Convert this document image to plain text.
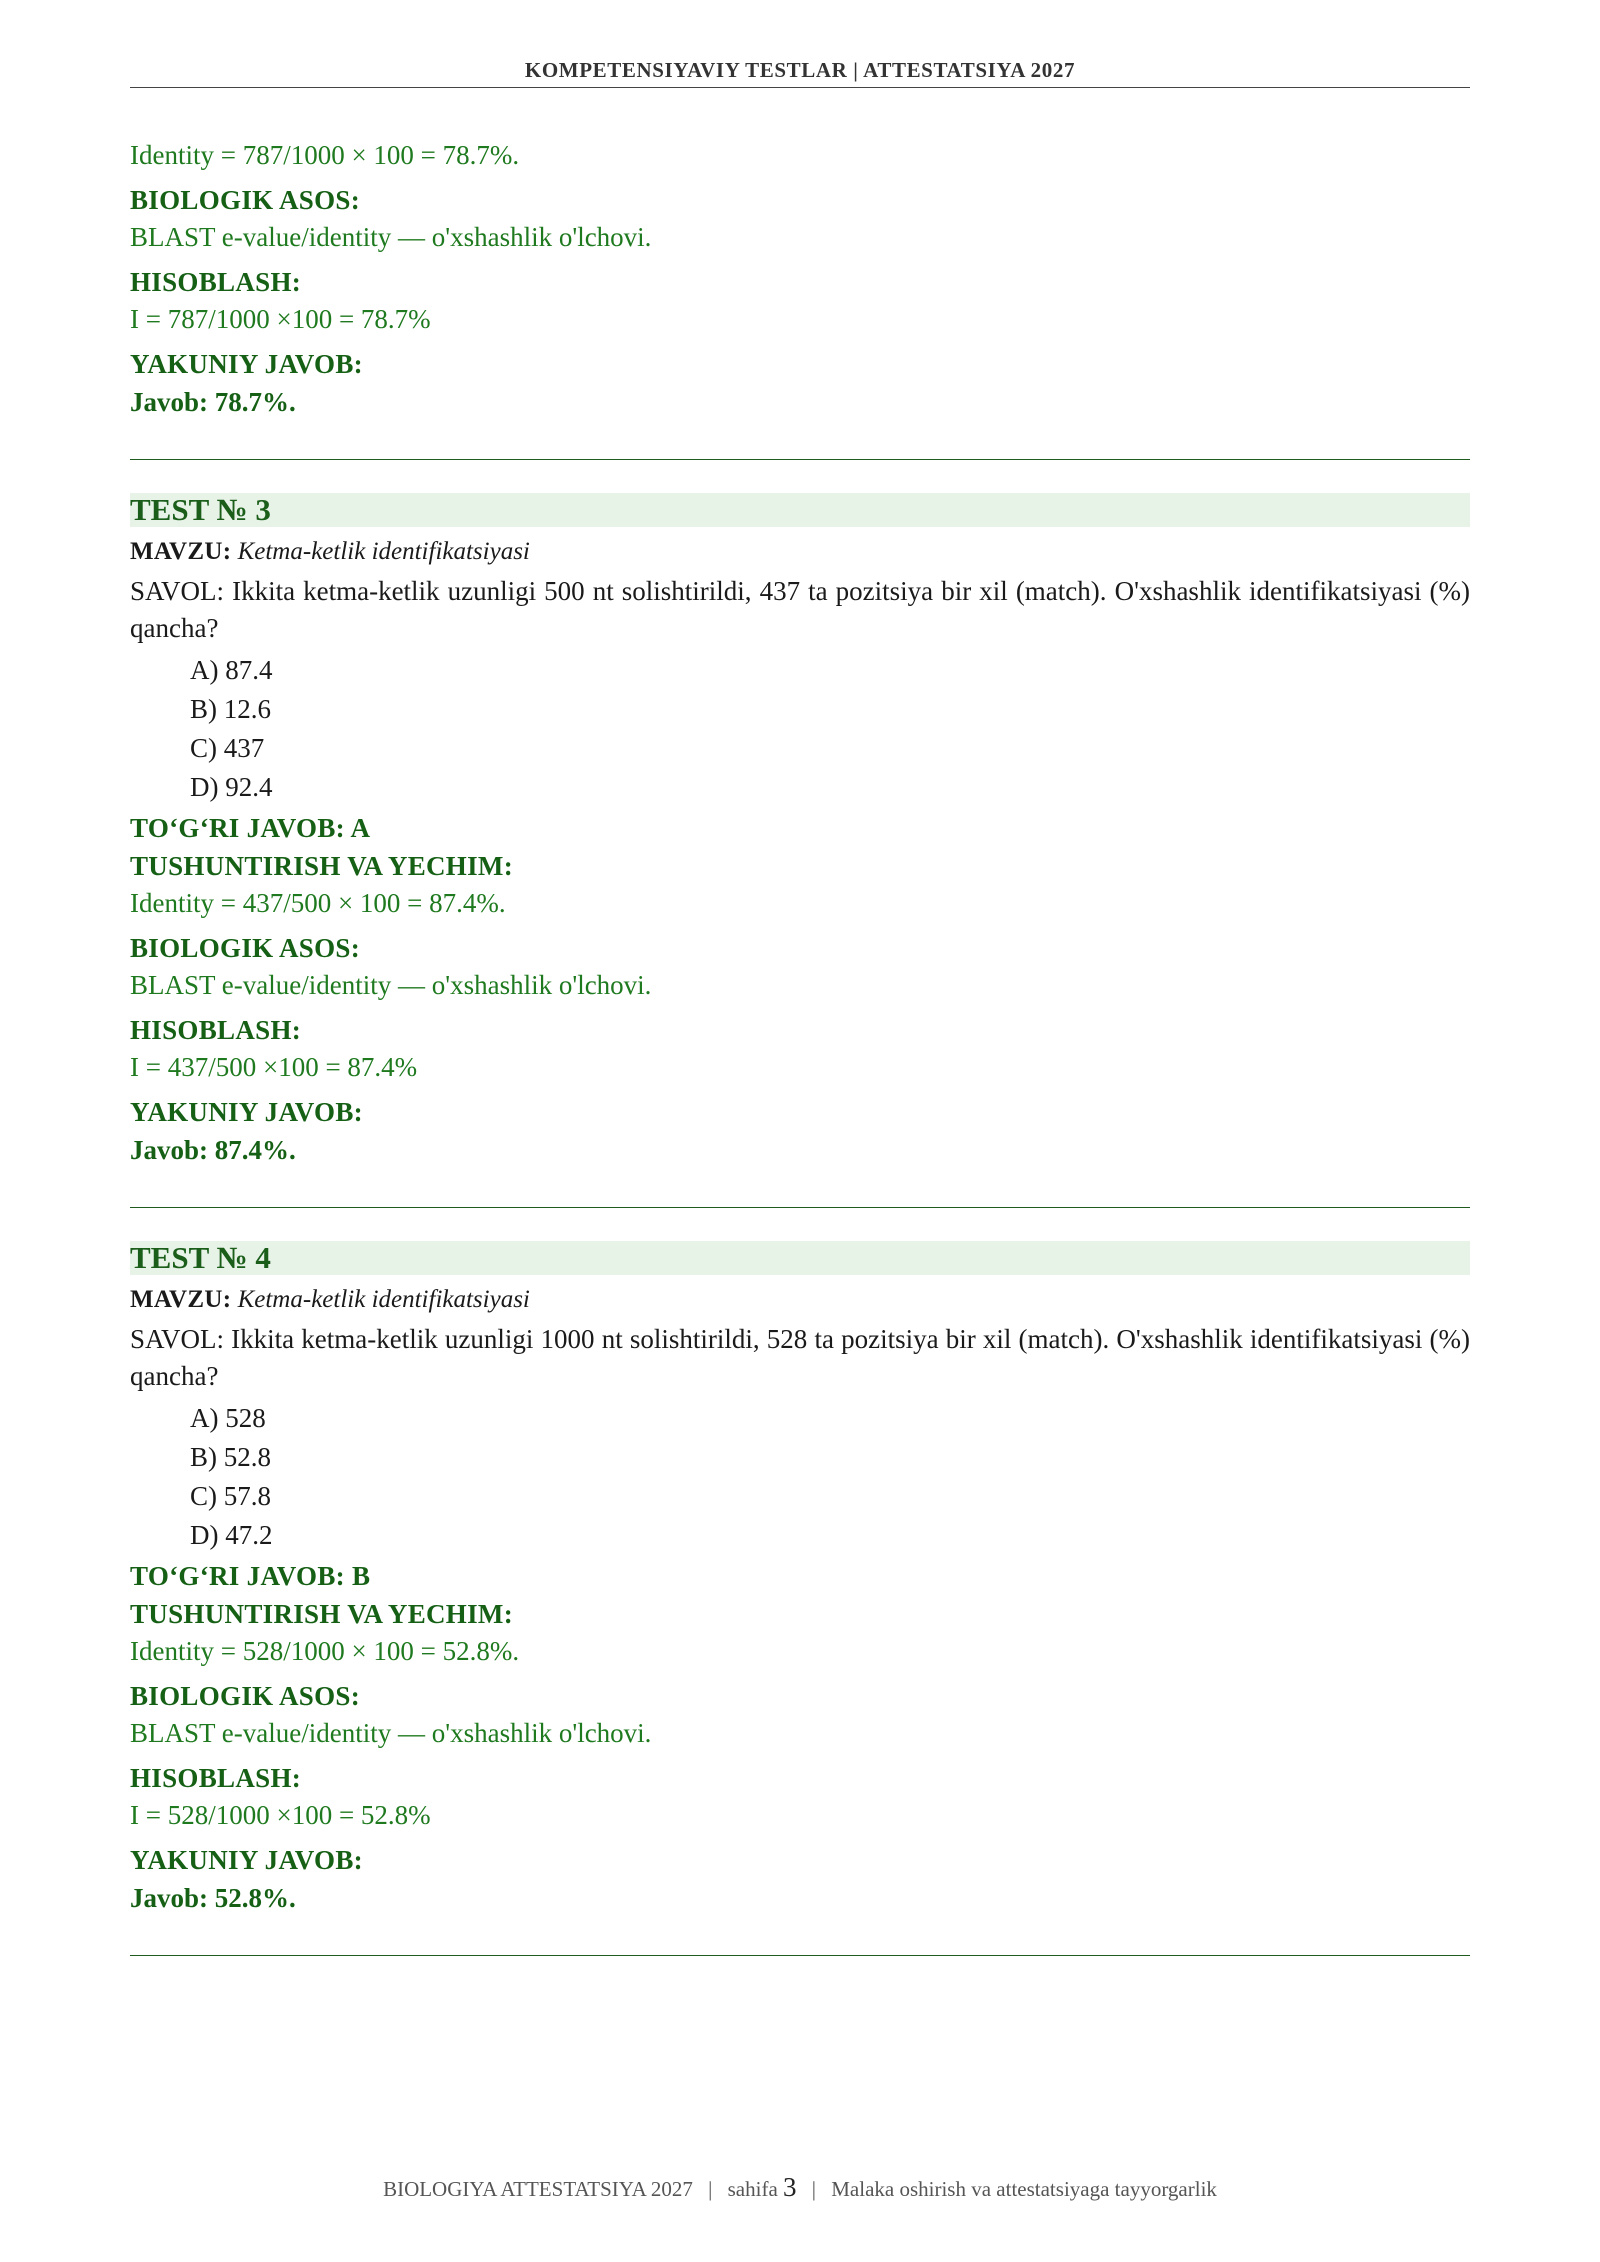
KOMPETENSIYAVIY TESTLAR | ATTESTATSIYA 2027
Identity = 787/1000 × 100 = 78.7%.
BIOLOGIK ASOS:
BLAST e-value/identity — o'xshashlik o'lchovi.
HISOBLASH:
I = 787/1000 ×100 = 78.7%
YAKUNIY JAVOB:
Javob: 78.7%.
TEST № 3
MAVZU: Ketma-ketlik identifikatsiyasi
SAVOL: Ikkita ketma-ketlik uzunligi 500 nt solishtirildi, 437 ta pozitsiya bir xil (match). O'xshashlik identifikatsiyasi (%) qancha?
A) 87.4
B) 12.6
C) 437
D) 92.4
TO‘G‘RI JAVOB: A
TUSHUNTIRISH VA YECHIM:
Identity = 437/500 × 100 = 87.4%.
BIOLOGIK ASOS:
BLAST e-value/identity — o'xshashlik o'lchovi.
HISOBLASH:
I = 437/500 ×100 = 87.4%
YAKUNIY JAVOB:
Javob: 87.4%.
TEST № 4
MAVZU: Ketma-ketlik identifikatsiyasi
SAVOL: Ikkita ketma-ketlik uzunligi 1000 nt solishtirildi, 528 ta pozitsiya bir xil (match). O'xshashlik identifikatsiyasi (%) qancha?
A) 528
B) 52.8
C) 57.8
D) 47.2
TO‘G‘RI JAVOB: B
TUSHUNTIRISH VA YECHIM:
Identity = 528/1000 × 100 = 52.8%.
BIOLOGIK ASOS:
BLAST e-value/identity — o'xshashlik o'lchovi.
HISOBLASH:
I = 528/1000 ×100 = 52.8%
YAKUNIY JAVOB:
Javob: 52.8%.
BIOLOGIYA ATTESTATSIYA 2027 | sahifa 3 | Malaka oshirish va attestatsiyaga tayyorgarlik
